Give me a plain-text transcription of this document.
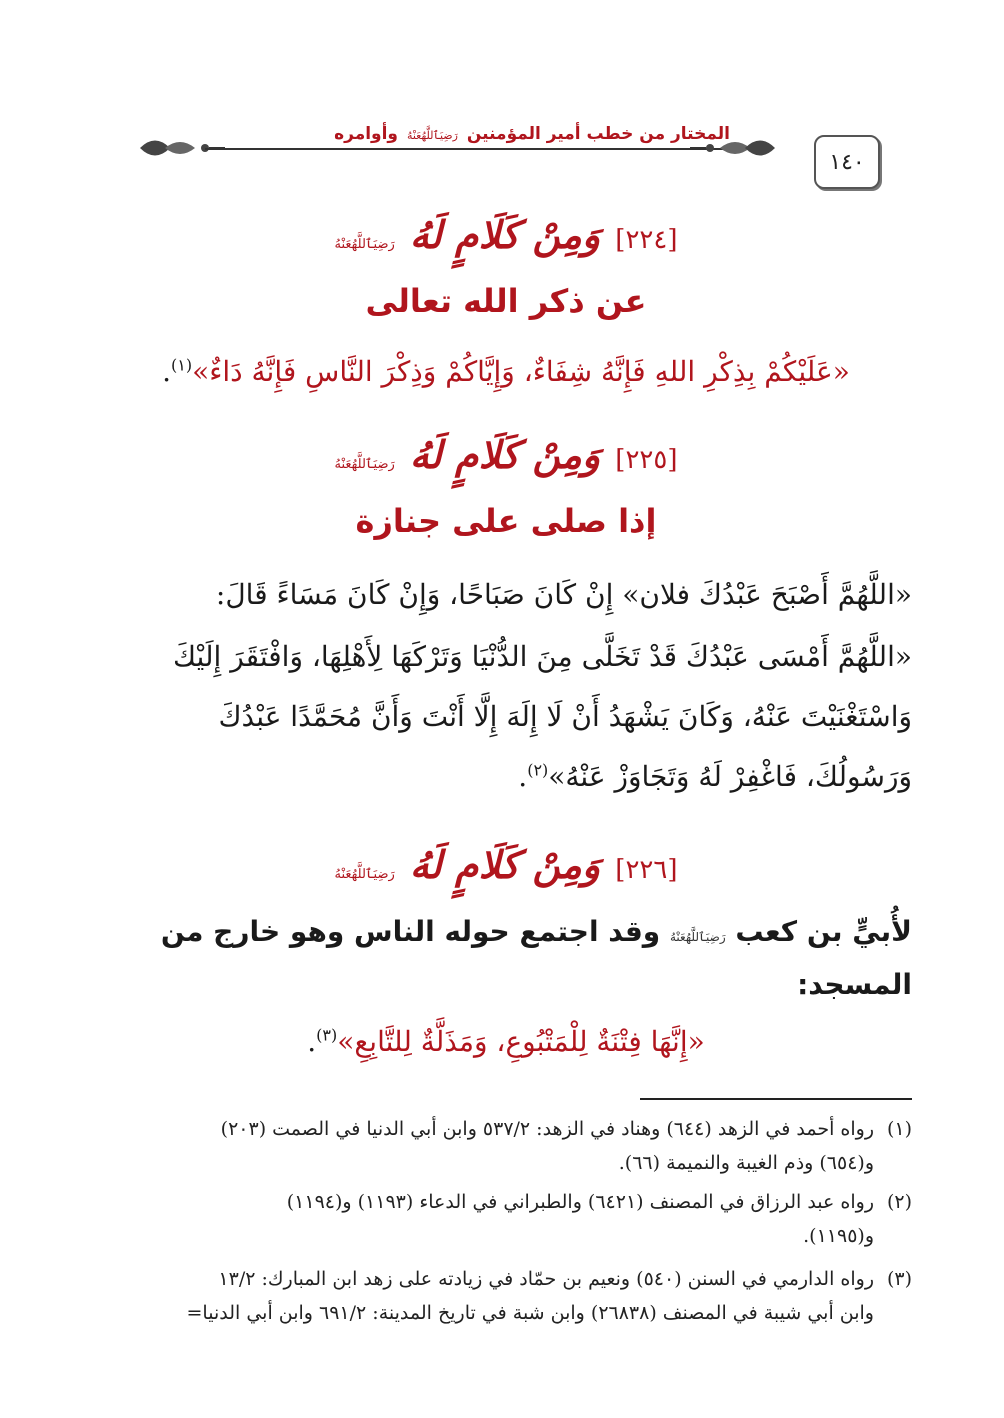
المختار من خطب أمير المؤمنين رَضِيَٱللَّهُعَنْهُ وأوامره
١٤٠
[٢٢٤] وَمِنْ كَلَامٍ لَهُ رَضِيَٱللَّهُعَنْهُ
عن ذكر الله تعالى
«عَلَيْكُمْ بِذِكْرِ اللهِ فَإِنَّهُ شِفَاءٌ، وَإِيَّاكُمْ وَذِكْرَ النَّاسِ فَإِنَّهُ دَاءٌ»$^{(١)}$.
[٢٢٥] وَمِنْ كَلَامٍ لَهُ رَضِيَٱللَّهُعَنْهُ
إذا صلى على جنازة
«اللَّهُمَّ أَصْبَحَ عَبْدُكَ فلان» إِنْ كَانَ صَبَاحًا، وَإِنْ كَانَ مَسَاءً قَالَ:
«اللَّهُمَّ أَمْسَى عَبْدُكَ قَدْ تَخَلَّى مِنَ الدُّنْيَا وَتَرْكَهَا لِأَهْلِهَا، وَافْتَقَرَ إِلَيْكَ
وَاسْتَغْنَيْتَ عَنْهُ، وَكَانَ يَشْهَدُ أَنْ لَا إِلَهَ إِلَّا أَنْتَ وَأَنَّ مُحَمَّدًا عَبْدُكَ
وَرَسُولُكَ، فَاغْفِرْ لَهُ وَتَجَاوَزْ عَنْهُ»$^{(٢)}$.
[٢٢٦] وَمِنْ كَلَامٍ لَهُ رَضِيَٱللَّهُعَنْهُ
لأُبيٍّ بن كعب رَضِيَٱللَّهُعَنْهُ وقد اجتمع حوله الناس وهو خارج من
المسجد:
«إِنَّهَا فِتْنَةٌ لِلْمَتْبُوعِ، وَمَذَلَّةٌ لِلتَّابِعِ»$^{(٣)}$.
(١)رواه أحمد في الزهد (٦٤٤) وهناد في الزهد: ٥٣٧/٢ وابن أبي الدنيا في الصمت (٢٠٣)
و(٦٥٤) وذم الغيبة والنميمة (٦٦).
(٢)رواه عبد الرزاق في المصنف (٦٤٢١) والطبراني في الدعاء (١١٩٣) و(١١٩٤)
و(١١٩٥).
(٣)رواه الدارمي في السنن (٥٤٠) ونعيم بن حمّاد في زيادته على زهد ابن المبارك: ١٣/٢
وابن أبي شيبة في المصنف (٢٦٨٣٨) وابن شبة في تاريخ المدينة: ٦٩١/٢ وابن أبي الدنيا=
